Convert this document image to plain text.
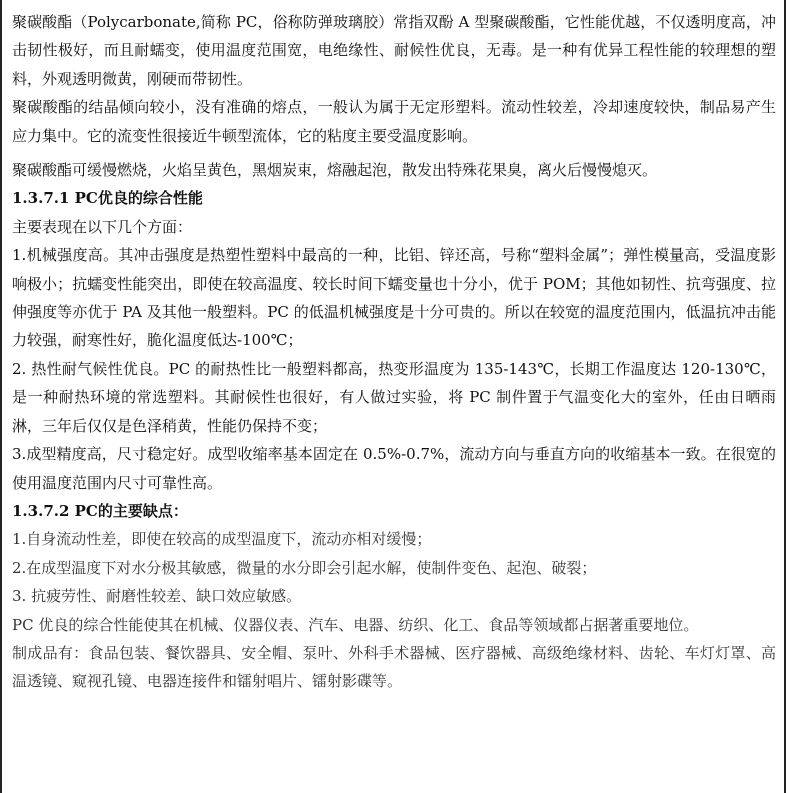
聚碳酸酯（Polycarbonate,简称 PC，俗称防弹玻璃胶）常指双酚 A 型聚碳酸酯，它性能优越，不仅透明度高，冲击韧性极好，而且耐蠕变，使用温度范围宽，电绝缘性、耐候性优良，无毒。是一种有优异工程性能的较理想的塑料，外观透明微黄，刚硬而带韧性。

聚碳酸酯的结晶倾向较小，没有准确的熔点，一般认为属于无定形塑料。流动性较差，冷却速度较快，制品易产生应力集中。它的流变性很接近牛顿型流体，它的粘度主要受温度影响。

聚碳酸酯可缓慢燃烧，火焰呈黄色，黑烟炭束，熔融起泡，散发出特殊花果臭，离火后慢慢熄灭。

1.3.7.1 PC优良的综合性能

主要表现在以下几个方面：

1.机械强度高。其冲击强度是热塑性塑料中最高的一种，比铝、锌还高，号称“塑料金属”；弹性模量高，受温度影响极小；抗蠕变性能突出，即使在较高温度、较长时间下蠕变量也十分小，优于 POM；其他如韧性、抗弯强度、拉伸强度等亦优于 PA 及其他一般塑料。PC 的低温机械强度是十分可贵的。所以在较宽的温度范围内，低温抗冲击能力较强，耐寒性好，脆化温度低达-100℃；

2. 热性耐气候性优良。PC 的耐热性比一般塑料都高，热变形温度为 135-143℃，长期工作温度达 120-130℃，是一种耐热环境的常选塑料。其耐候性也很好，有人做过实验，将 PC 制件置于气温变化大的室外，任由日晒雨淋，三年后仅仅是色泽稍黄，性能仍保持不变；

3.成型精度高，尺寸稳定好。成型收缩率基本固定在 0.5%-0.7%，流动方向与垂直方向的收缩基本一致。在很宽的使用温度范围内尺寸可靠性高。

1.3.7.2 PC的主要缺点：

1.自身流动性差，即使在较高的成型温度下，流动亦相对缓慢；

2.在成型温度下对水分极其敏感，微量的水分即会引起水解，使制件变色、起泡、破裂；

3. 抗疲劳性、耐磨性较差、缺口效应敏感。

PC 优良的综合性能使其在机械、仪器仪表、汽车、电器、纺织、化工、食品等领域都占据著重要地位。

制成品有：食品包装、餐饮器具、安全帽、泵叶、外科手术器械、医疗器械、高级绝缘材料、齿轮、车灯灯罩、高温透镜、窥视孔镜、电器连接件和镭射唱片、镭射影碟等。
